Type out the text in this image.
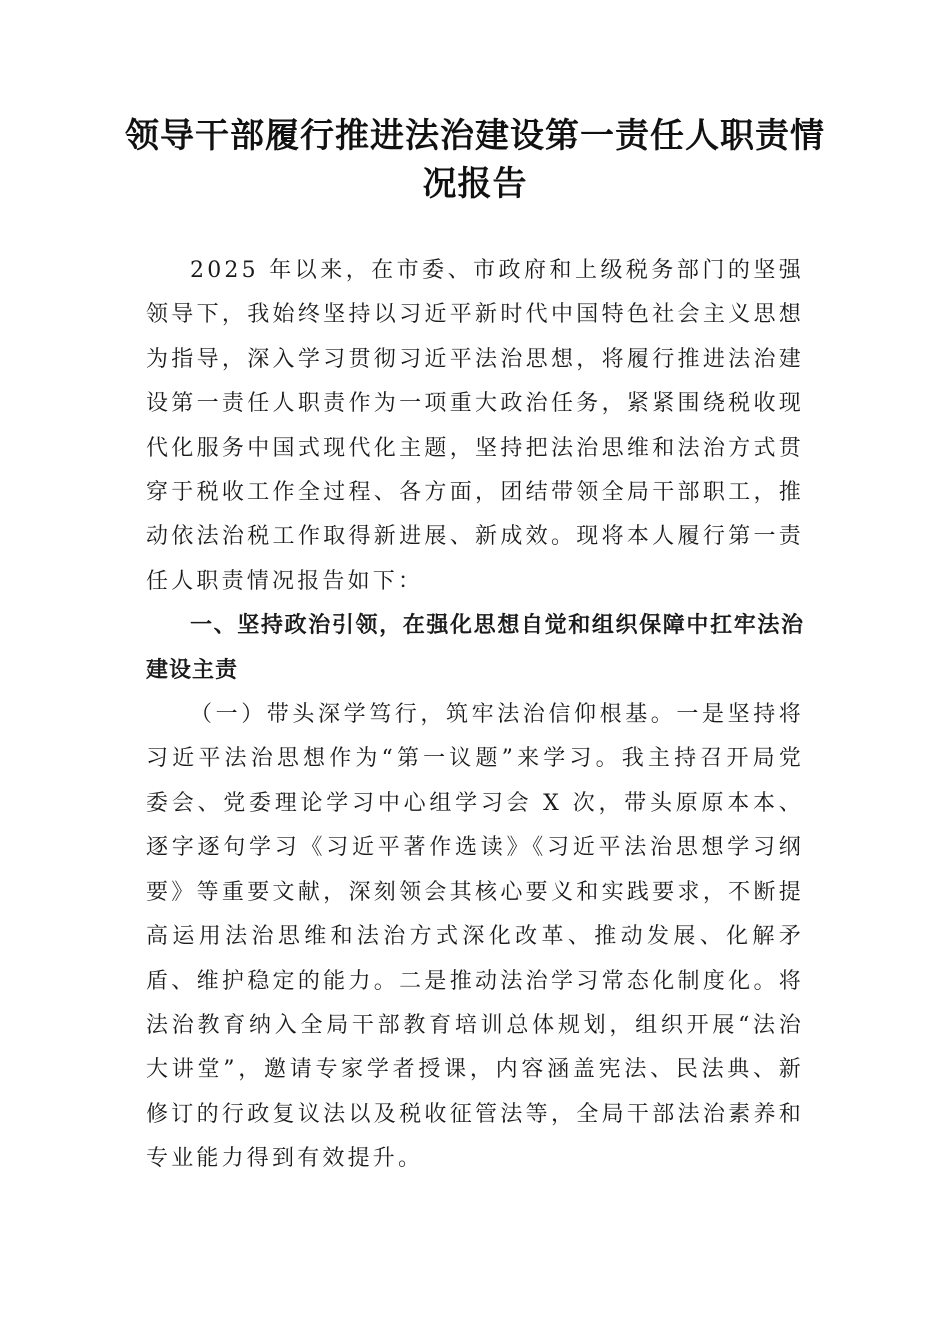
领导干部履行推进法治建设第一责任人职责情况报告

2025 年以来，在市委、市政府和上级税务部门的坚强领导下，我始终坚持以习近平新时代中国特色社会主义思想为指导，深入学习贯彻习近平法治思想，将履行推进法治建设第一责任人职责作为一项重大政治任务，紧紧围绕税收现代化服务中国式现代化主题，坚持把法治思维和法治方式贯穿于税收工作全过程、各方面，团结带领全局干部职工，推动依法治税工作取得新进展、新成效。现将本人履行第一责任人职责情况报告如下：

一、坚持政治引领，在强化思想自觉和组织保障中扛牢法治建设主责

（一）带头深学笃行，筑牢法治信仰根基。一是坚持将习近平法治思想作为“第一议题”来学习。我主持召开局党委会、党委理论学习中心组学习会 X 次，带头原原本本、逐字逐句学习《习近平著作选读》《习近平法治思想学习纲要》等重要文献，深刻领会其核心要义和实践要求，不断提高运用法治思维和法治方式深化改革、推动发展、化解矛盾、维护稳定的能力。二是推动法治学习常态化制度化。将法治教育纳入全局干部教育培训总体规划，组织开展“法治大讲堂”，邀请专家学者授课，内容涵盖宪法、民法典、新修订的行政复议法以及税收征管法等，全局干部法治素养和专业能力得到有效提升。
